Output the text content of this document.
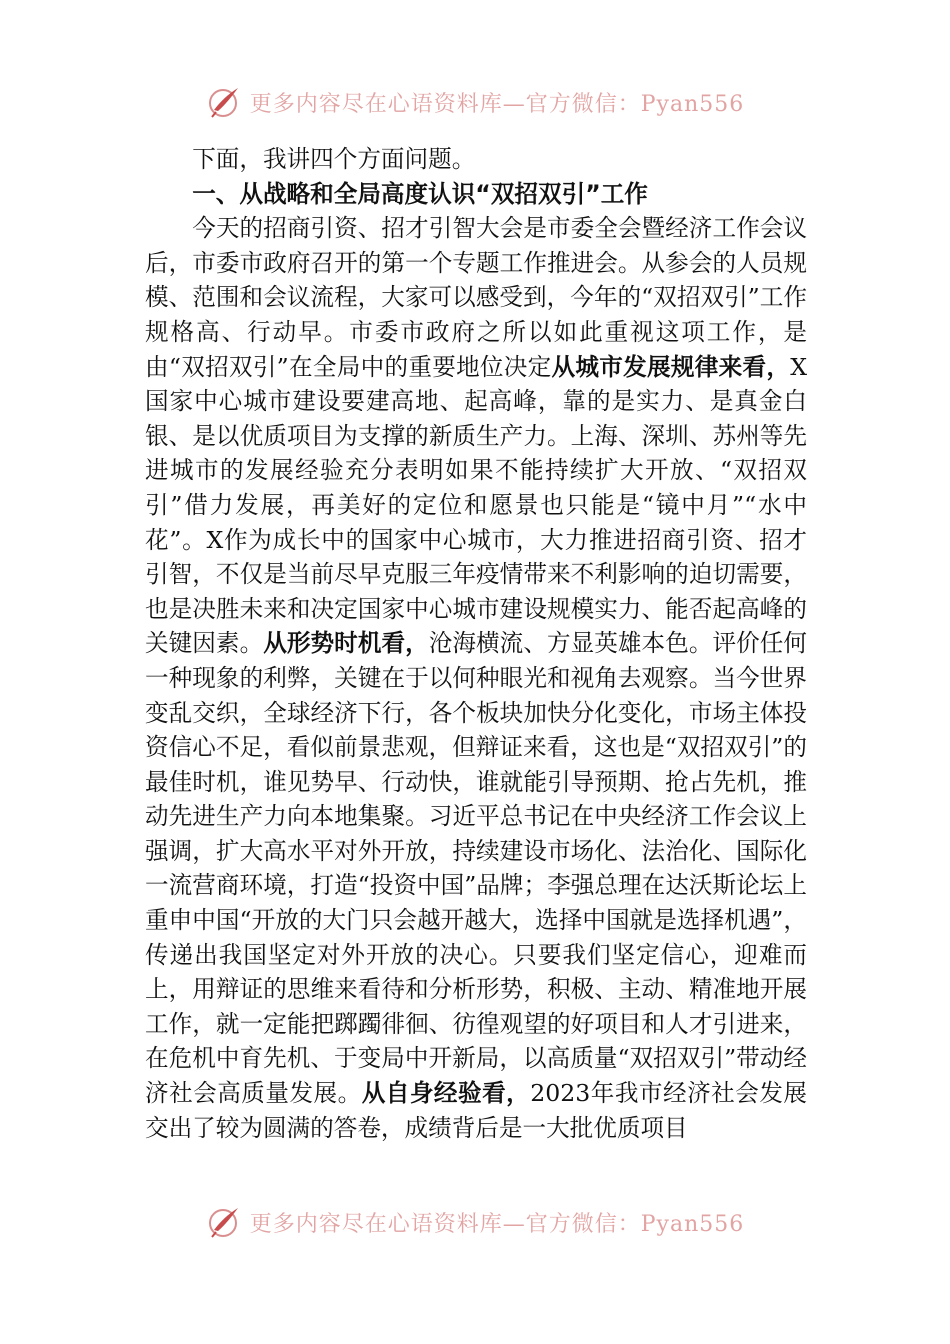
更多内容尽在心语资料库—官方微信：Pyan556

下面，我讲四个方面问题。

一、从战略和全局高度认识“双招双引”工作

今天的招商引资、招才引智大会是市委全会暨经济工作会议后，市委市政府召开的第一个专题工作推进会。从参会的人员规模、范围和会议流程，大家可以感受到，今年的“双招双引”工作规格高、行动早。市委市政府之所以如此重视这项工作，是由“双招双引”在全局中的重要地位决定从城市发展规律来看，X国家中心城市建设要建高地、起高峰，靠的是实力、是真金白银、是以优质项目为支撑的新质生产力。上海、深圳、苏州等先进城市的发展经验充分表明如果不能持续扩大开放、“双招双引”借力发展，再美好的定位和愿景也只能是“镜中月”“水中花”。X作为成长中的国家中心城市，大力推进招商引资、招才引智，不仅是当前尽早克服三年疫情带来不利影响的迫切需要，也是决胜未来和决定国家中心城市建设规模实力、能否起高峰的关键因素。从形势时机看，沧海横流、方显英雄本色。评价任何一种现象的利弊，关键在于以何种眼光和视角去观察。当今世界变乱交织，全球经济下行，各个板块加快分化变化，市场主体投资信心不足，看似前景悲观，但辩证来看，这也是“双招双引”的最佳时机，谁见势早、行动快，谁就能引导预期、抢占先机，推动先进生产力向本地集聚。习近平总书记在中央经济工作会议上强调，扩大高水平对外开放，持续建设市场化、法治化、国际化一流营商环境，打造“投资中国”品牌；李强总理在达沃斯论坛上重申中国“开放的大门只会越开越大，选择中国就是选择机遇”，传递出我国坚定对外开放的决心。只要我们坚定信心，迎难而上，用辩证的思维来看待和分析形势，积极、主动、精准地开展工作，就一定能把踯躅徘徊、彷徨观望的好项目和人才引进来，在危机中育先机、于变局中开新局，以高质量“双招双引”带动经济社会高质量发展。从自身经验看，2023年我市经济社会发展交出了较为圆满的答卷，成绩背后是一大批优质项目

更多内容尽在心语资料库—官方微信：Pyan556
